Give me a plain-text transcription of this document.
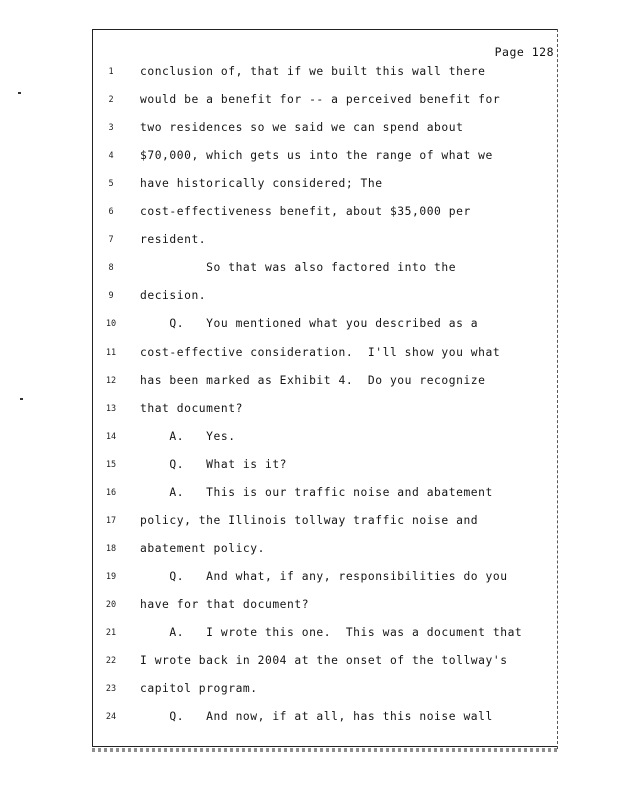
Page 128
1	conclusion of, that if we built this wall there
2	would be a benefit for -- a perceived benefit for
3	two residences so we said we can spend about
4	$70,000, which gets us into the range of what we
5	have historically considered; The
6	cost-effectiveness benefit, about $35,000 per
7	resident.
8	So that was also factored into the
9	decision.
10	Q.   You mentioned what you described as a
11	cost-effective consideration.  I'll show you what
12	has been marked as Exhibit 4.  Do you recognize
13	that document?
14	A.   Yes.
15	Q.   What is it?
16	A.   This is our traffic noise and abatement
17	policy, the Illinois tollway traffic noise and
18	abatement policy.
19	Q.   And what, if any, responsibilities do you
20	have for that document?
21	A.   I wrote this one.  This was a document that
22	I wrote back in 2004 at the onset of the tollway's
23	capitol program.
24	Q.   And now, if at all, has this noise wall
